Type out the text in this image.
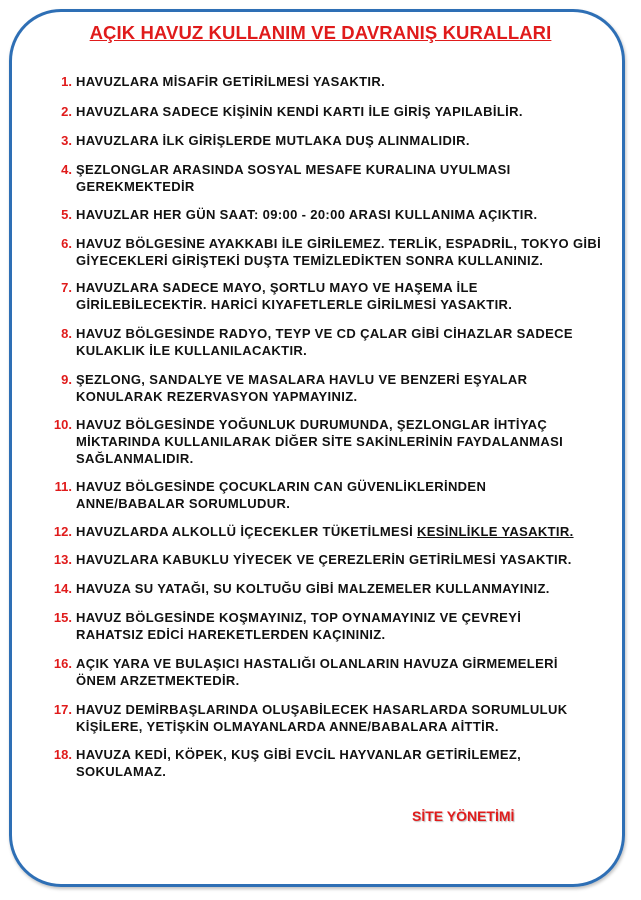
AÇIK HAVUZ KULLANIM VE DAVRANIŞ KURALLARI
1. HAVUZLARA MİSAFİR GETİRİLMESİ YASAKTIR.
2. HAVUZLARA SADECE KİŞİNİN KENDİ KARTI İLE GİRİŞ YAPILABİLİR.
3. HAVUZLARA İLK GİRİŞLERDE MUTLAKA DUŞ ALINMALIDIR.
4. ŞEZLONGLAR ARASINDA SOSYAL MESAFE KURALINA UYULMASI GEREKMEKTEDİR
5. HAVUZLAR HER GÜN SAAT: 09:00 - 20:00 ARASI KULLANIMA AÇIKTIR.
6. HAVUZ BÖLGESİNE AYAKKABI İLE GİRİLEMEZ. TERLİK, ESPADRİL, TOKYO GİBİ GİYECEKLERİ GİRİŞTEKİ DUŞTA TEMİZLEDİKTEN SONRA KULLANINIZ.
7. HAVUZLARA SADECE MAYO, ŞORTLU MAYO VE HAŞEMA İLE GİRİLEBİLECEKTİR. HARİCİ KIYAFETLERLE GİRİLMESİ YASAKTIR.
8. HAVUZ BÖLGESİNDE RADYO, TEYP VE CD ÇALAR GİBİ CİHAZLAR SADECE KULAKLIK İLE KULLANILACAKTIR.
9. ŞEZLONG, SANDALYE VE MASALARA HAVLU VE BENZERİ EŞYALAR KONULARAK REZERVASYON YAPMAYINIZ.
10. HAVUZ BÖLGESİNDE YOĞUNLUK DURUMUNDA, ŞEZLONGLAR İHTİYAÇ MİKTARINDA KULLANILARAK DİĞER SİTE SAKİNLERİNİN FAYDALANMASI SAĞLANMALIDIR.
11. HAVUZ BÖLGESİNDE ÇOCUKLARIN CAN GÜVENLİKLERİNDEN ANNE/BABALAR SORUMLUDUR.
12. HAVUZLARDA ALKOLLÜ İÇECEKLER TÜKETİLMESİ KESİNLİKLE YASAKTIR.
13. HAVUZLARA KABUKLU YİYECEK VE ÇEREZLERİN GETİRİLMESİ YASAKTIR.
14. HAVUZA SU YATAĞI, SU KOLTUĞU GİBİ MALZEMELER KULLANMAYINIZ.
15. HAVUZ BÖLGESİNDE KOŞMAYINIZ, TOP OYNAMAYINIZ VE ÇEVREYİ RAHATSIZ EDİCİ HAREKETLERDEN KAÇININIZ.
16. AÇIK YARA VE BULAŞICI HASTALIĞI OLANLARIN HAVUZA GİRMEMELERİ ÖNEM ARZETMEKTEDİR.
17. HAVUZ DEMİRBAŞLARINDA OLUŞABİLECEK HASARLARDA SORUMLULUK KİŞİLERE, YETİŞKİN OLMAYANLARDA ANNE/BABALARA AİTTİR.
18. HAVUZA KEDİ, KÖPEK, KUŞ GİBİ EVCİL HAYVANLAR GETİRİLEMEZ, SOKULAMAZ.
SİTE YÖNETİMİ
